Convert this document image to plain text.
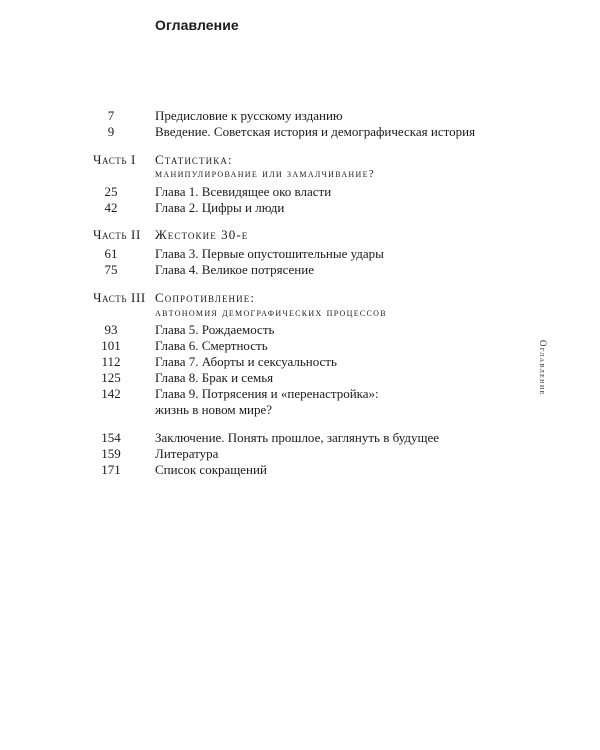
Оглавление
7	Предисловие к русскому изданию
9	Введение. Советская история и демографическая история
Часть I Статистика:
манипулирование или замалчивание?
25	Глава 1. Всевидящее око власти
42	Глава 2. Цифры и люди
Часть II Жестокие 30-е
61	Глава 3. Первые опустошительные удары
75	Глава 4. Великое потрясение
Часть III Сопротивление:
автономия демографических процессов
93	Глава 5. Рождаемость
101	Глава 6. Смертность
112	Глава 7. Аборты и сексуальность
125	Глава 8. Брак и семья
142	Глава 9. Потрясения и «перенастройка»:
жизнь в новом мире?
154	Заключение. Понять прошлое, заглянуть в будущее
159	Литература
171	Список сокращений
Оглавление
